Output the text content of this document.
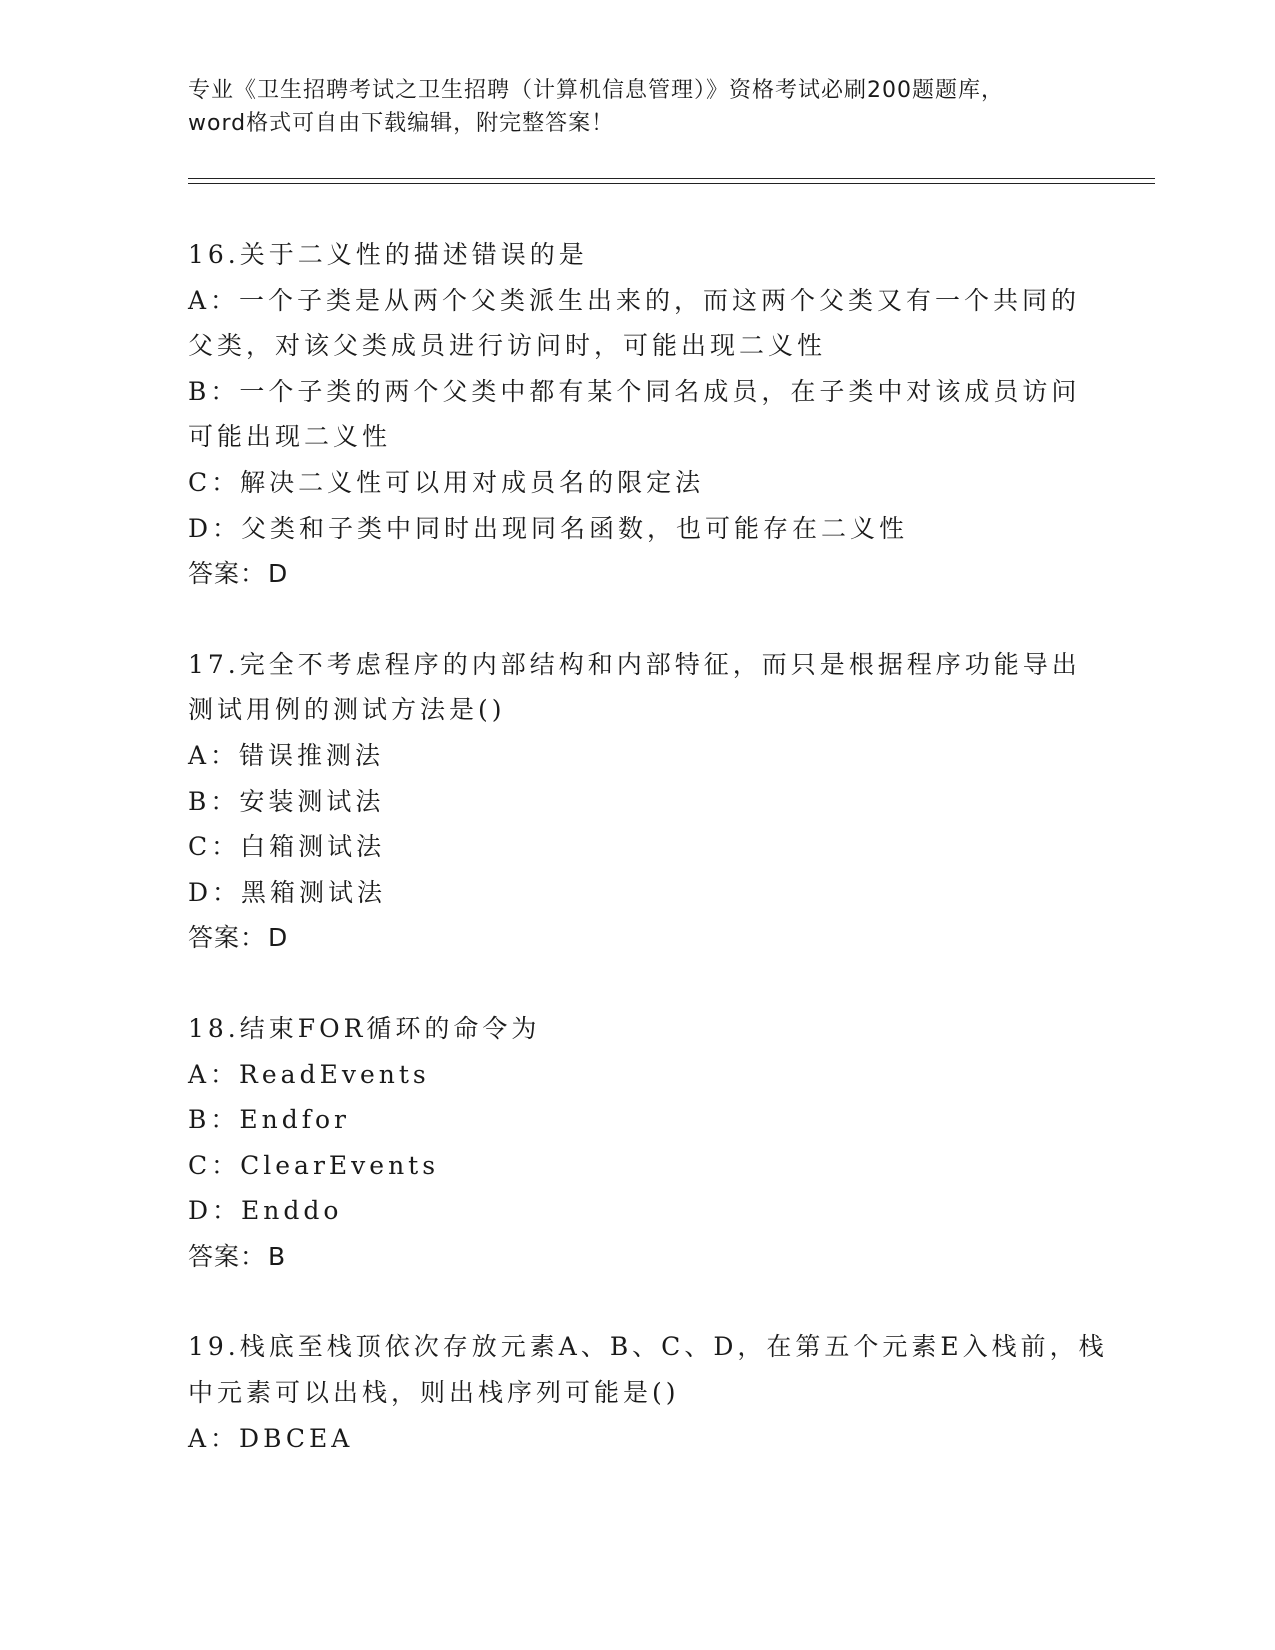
专业《卫生招聘考试之卫生招聘（计算机信息管理）》资格考试必刷200题题库，
word格式可自由下载编辑，附完整答案！
16.关于二义性的描述错误的是
A：一个子类是从两个父类派生出来的，而这两个父类又有一个共同的
父类，对该父类成员进行访问时，可能出现二义性
B：一个子类的两个父类中都有某个同名成员，在子类中对该成员访问
可能出现二义性
C：解决二义性可以用对成员名的限定法
D：父类和子类中同时出现同名函数，也可能存在二义性
答案：D
17.完全不考虑程序的内部结构和内部特征，而只是根据程序功能导出
测试用例的测试方法是()
A：错误推测法
B：安装测试法
C：白箱测试法
D：黑箱测试法
答案：D
18.结束FOR循环的命令为
A：ReadEvents
B：Endfor
C：ClearEvents
D：Enddo
答案：B
19.栈底至栈顶依次存放元素A、B、C、D，在第五个元素E入栈前，栈
中元素可以出栈，则出栈序列可能是()
A：DBCEA
